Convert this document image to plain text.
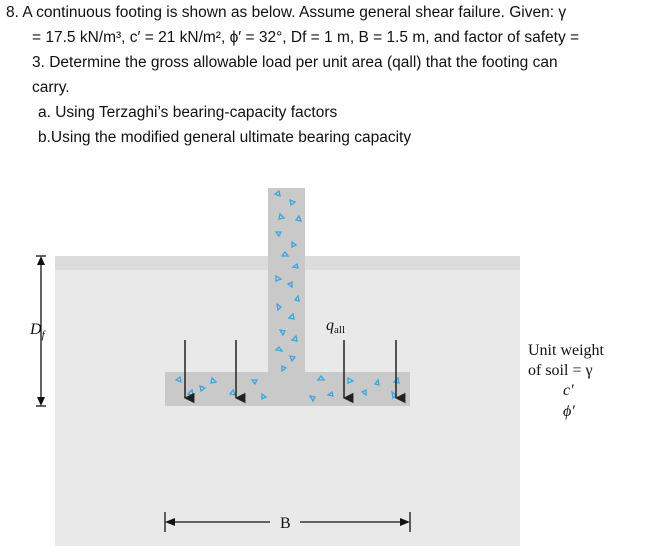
8. A continuous footing is shown as below. Assume general shear failure. Given: γ
= 17.5 kN/m³, c′ = 21 kN/m², ϕ′ = 32°, Df = 1 m, B = 1.5 m, and factor of safety =
3. Determine the gross allowable load per unit area (qall) that the footing can
carry.
a. Using Terzaghi’s bearing-capacity factors
b.Using the modified general ultimate bearing capacity
$D_f$
qall
Unit weight
of soil = γ
c′
ϕ′
B
